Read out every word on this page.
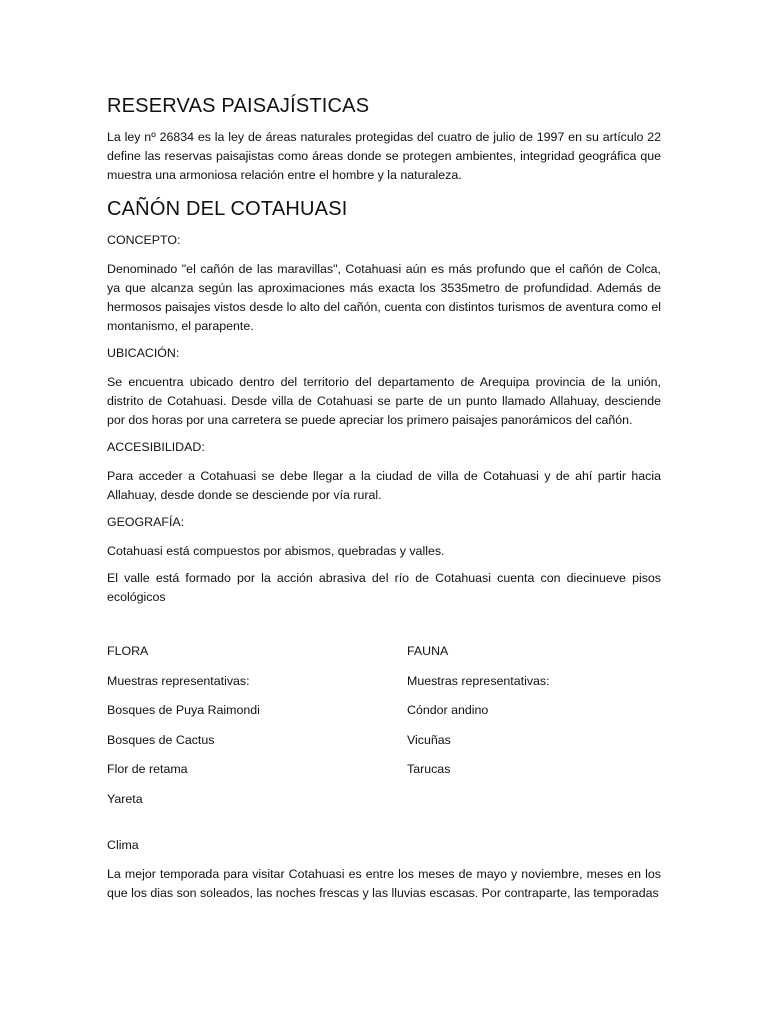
RESERVAS PAISAJÍSTICAS

La ley nº 26834 es la ley de áreas naturales protegidas del cuatro de julio de 1997 en su artículo 22 define las reservas paisajistas como áreas donde se protegen ambientes, integridad geográfica que muestra una armoniosa relación entre el hombre y la naturaleza.

CAÑÓN DEL COTAHUASI

CONCEPTO:

Denominado "el cañón de las maravillas", Cotahuasi aún es más profundo que el cañón de Colca, ya que alcanza según las aproximaciones más exacta los 3535metro de profundidad. Además de hermosos paisajes vistos desde lo alto del cañón, cuenta con distintos turismos de aventura como el montanismo, el parapente.

UBICACIÓN:

Se encuentra ubicado dentro del territorio del departamento de Arequipa provincia de la unión, distrito de Cotahuasi. Desde villa de Cotahuasi se parte de un punto llamado Allahuay, desciende por dos horas por una carretera se puede apreciar los primero paisajes panorámicos del cañón.

ACCESIBILIDAD:

Para acceder a Cotahuasi se debe llegar a la ciudad de villa de Cotahuasi y de ahí partir hacia Allahuay, desde donde se desciende por vía rural.

GEOGRAFÍA:

Cotahuasi está compuestos por abismos, quebradas y valles.

El valle está formado por la acción abrasiva del río de Cotahuasi cuenta con diecinueve pisos ecológicos

FLORA
Muestras representativas:
Bosques de Puya Raimondi
Bosques de Cactus
Flor de retama
Yareta
FAUNA
Muestras representativas:
Cóndor andino
Vicuñas
Tarucas
Clima

La mejor temporada para visitar Cotahuasi es entre los meses de mayo y noviembre, meses en los que los dias son soleados, las noches frescas y las lluvias escasas. Por contraparte, las temporadas
